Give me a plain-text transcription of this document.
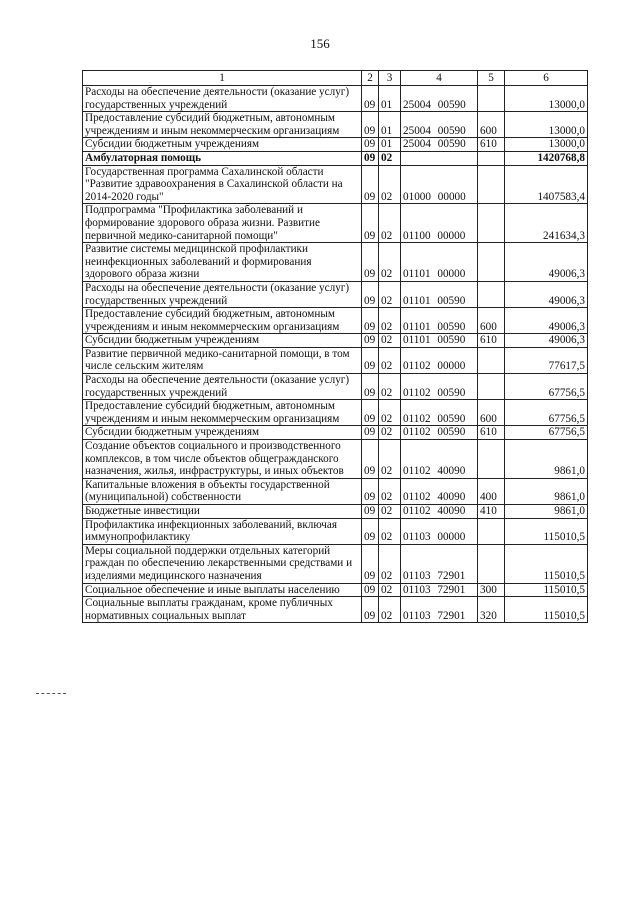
156
1	2	3	4	5	6
Расходы на обеспечение деятельности (оказание услуг) государственных учреждений	09	01	25004 00590		13000,0
Предоставление субсидий бюджетным, автономным учреждениям и иным некоммерческим организациям	09	01	25004 00590	600	13000,0
Субсидии бюджетным учреждениям	09	01	25004 00590	610	13000,0
Амбулаторная помощь	09	02			1420768,8
Государственная программа Сахалинской области "Развитие здравоохранения в Сахалинской области на 2014-2020 годы"	09	02	01000 00000		1407583,4
Подпрограмма "Профилактика заболеваний и формирование здорового образа жизни. Развитие первичной медико-санитарной помощи"	09	02	01100 00000		241634,3
Развитие системы медицинской профилактики неинфекционных заболеваний и формирования здорового образа жизни	09	02	01101 00000		49006,3
Расходы на обеспечение деятельности (оказание услуг) государственных учреждений	09	02	01101 00590		49006,3
Предоставление субсидий бюджетным, автономным учреждениям и иным некоммерческим организациям	09	02	01101 00590	600	49006,3
Субсидии бюджетным учреждениям	09	02	01101 00590	610	49006,3
Развитие первичной медико-санитарной помощи, в том числе сельским жителям	09	02	01102 00000		77617,5
Расходы на обеспечение деятельности (оказание услуг) государственных учреждений	09	02	01102 00590		67756,5
Предоставление субсидий бюджетным, автономным учреждениям и иным некоммерческим организациям	09	02	01102 00590	600	67756,5
Субсидии бюджетным учреждениям	09	02	01102 00590	610	67756,5
Создание объектов социального и производственного комплексов, в том числе объектов общегражданского назначения, жилья, инфраструктуры, и иных объектов	09	02	01102 40090		9861,0
Капитальные вложения в объекты государственной (муниципальной) собственности	09	02	01102 40090	400	9861,0
Бюджетные инвестиции	09	02	01102 40090	410	9861,0
Профилактика инфекционных заболеваний, включая иммунопрофилактику	09	02	01103 00000		115010,5
Меры социальной поддержки отдельных категорий граждан по обеспечению лекарственными средствами и изделиями медицинского назначения	09	02	01103 72901		115010,5
Социальное обеспечение и иные выплаты населению	09	02	01103 72901	300	115010,5
Социальные выплаты гражданам, кроме публичных нормативных социальных выплат	09	02	01103 72901	320	115010,5
